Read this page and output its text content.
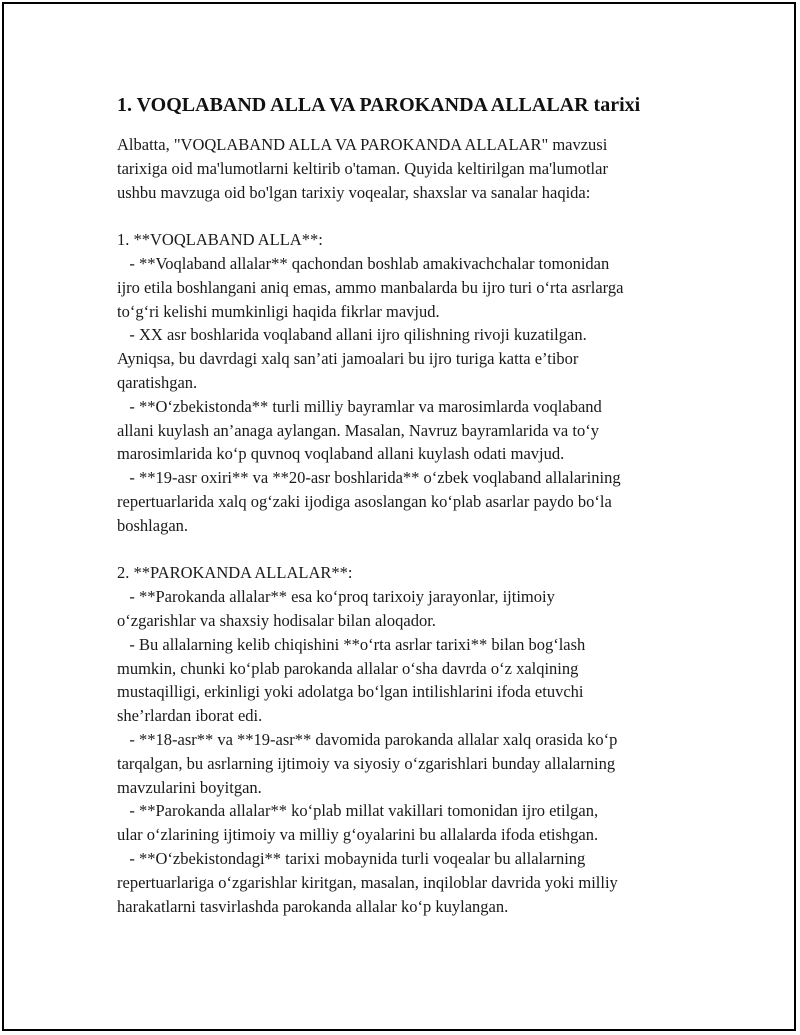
1. VOQLABAND ALLA VA PAROKANDA ALLALAR tarixi
Albatta, "VOQLABAND ALLA VA PAROKANDA ALLALAR" mavzusi
tarixiga oid ma'lumotlarni keltirib o'taman. Quyida keltirilgan ma'lumotlar
ushbu mavzuga oid bo'lgan tarixiy voqealar, shaxslar va sanalar haqida:
1. **VOQLABAND ALLA**:
- **Voqlaband allalar** qachondan boshlab amakivachchalar tomonidan
ijro etila boshlangani aniq emas, ammo manbalarda bu ijro turi o‘rta asrlarga
to‘g‘ri kelishi mumkinligi haqida fikrlar mavjud.
- XX asr boshlarida voqlaband allani ijro qilishning rivoji kuzatilgan.
Ayniqsa, bu davrdagi xalq san’ati jamoalari bu ijro turiga katta e’tibor
qaratishgan.
- **O‘zbekistonda** turli milliy bayramlar va marosimlarda voqlaband
allani kuylash an’anaga aylangan. Masalan, Navruz bayramlarida va to‘y
marosimlarida ko‘p quvnoq voqlaband allani kuylash odati mavjud.
- **19-asr oxiri** va **20-asr boshlarida** o‘zbek voqlaband allalarining
repertuarlarida xalq og‘zaki ijodiga asoslangan ko‘plab asarlar paydo bo‘la
boshlagan.
2. **PAROKANDA ALLALAR**:
- **Parokanda allalar** esa ko‘proq tarixoiy jarayonlar, ijtimoiy
o‘zgarishlar va shaxsiy hodisalar bilan aloqador.
- Bu allalarning kelib chiqishini **o‘rta asrlar tarixi** bilan bog‘lash
mumkin, chunki ko‘plab parokanda allalar o‘sha davrda o‘z xalqining
mustaqilligi, erkinligi yoki adolatga bo‘lgan intilishlarini ifoda etuvchi
she’rlardan iborat edi.
- **18-asr** va **19-asr** davomida parokanda allalar xalq orasida ko‘p
tarqalgan, bu asrlarning ijtimoiy va siyosiy o‘zgarishlari bunday allalarning
mavzularini boyitgan.
- **Parokanda allalar** ko‘plab millat vakillari tomonidan ijro etilgan,
ular o‘zlarining ijtimoiy va milliy g‘oyalarini bu allalarda ifoda etishgan.
- **O‘zbekistondagi** tarixi mobaynida turli voqealar bu allalarning
repertuarlariga o‘zgarishlar kiritgan, masalan, inqiloblar davrida yoki milliy
harakatlarni tasvirlashda parokanda allalar ko‘p kuylangan.
